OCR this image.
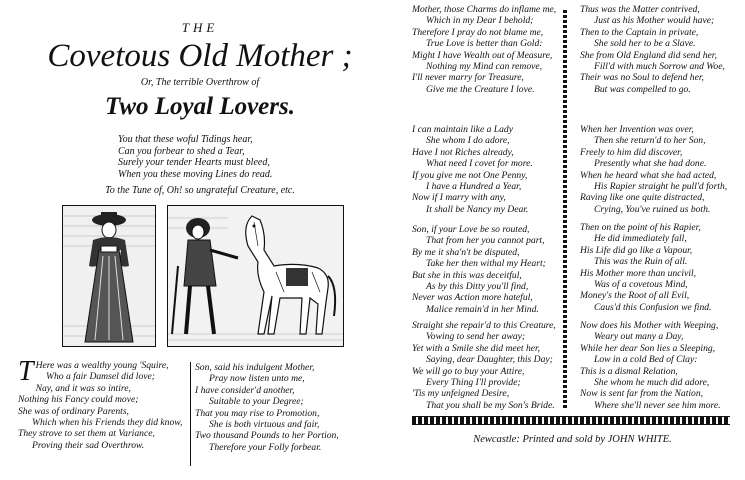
THE
Covetous Old Mother ;
Or, The terrible Overthrow of
Two Loyal Lovers.
You that these woful Tidings hear,
Can you forbear to shed a Tear,
Surely your tender Hearts must bleed,
When you these moving Lines do read.
To the Tune of, Oh! so ungrateful Creature, etc.
T Here was a wealthy young 'Squire,
Who a fair Damsel did love;
Nay, and it was so intire,
Nothing his Fancy could move;
She was of ordinary Parents,
Which when his Friends they did know,
They strove to set them at Variance,
Proving their sad Overthrow.
Son, said his indulgent Mother,
Pray now listen unto me,
I have consider'd another,
Suitable to your Degree;
That you may rise to Promotion,
She is both virtuous and fair,
Two thousand Pounds to her Portion,
Therefore your Folly forbear.
Mother, those Charms do inflame me,
Which in my Dear I behold;
Therefore I pray do not blame me,
True Love is better than Gold:
Might I have Wealth out of Measure,
Nothing my Mind can remove,
I'll never marry for Treasure,
Give me the Creature I love.
I can maintain like a Lady
She whom I do adore,
Have I not Riches already,
What need I covet for more.
If you give me not One Penny,
I have a Hundred a Year,
Now if I marry with any,
It shall be Nancy my Dear.
Son, if your Love be so routed,
That from her you cannot part,
By me it sha'n't be disputed,
Take her then withal my Heart;
But she in this was deceitful,
As by this Ditty you'll find,
Never was Action more hateful,
Malice remain'd in her Mind.
Straight she repair'd to this Creature,
Vowing to send her away;
Yet with a Smile she did meet her,
Saying, dear Daughter, this Day;
We will go to buy your Attire,
Every Thing I'll provide;
'Tis my unfeigned Desire,
That you shall be my Son's Bride.
Thus was the Matter contrived,
Just as his Mother would have;
Then to the Captain in private,
She sold her to be a Slave.
She from Old England did send her,
Fill'd with much Sorrow and Woe,
Their was no Soul to defend her,
But was compelled to go.
When her Invention was over,
Then she return'd to her Son,
Freely to him did discover,
Presently what she had done.
When he heard what she had acted,
His Rapier straight he pull'd forth,
Raving like one quite distracted,
Crying, You've ruined us both.
Then on the point of his Rapier,
He did immediately fall,
His Life did go like a Vapour,
This was the Ruin of all.
His Mother more than uncivil,
Was of a covetous Mind,
Money's the Root of all Evil,
Caus'd this Confusion we find.
Now does his Mother with Weeping,
Weary out many a Day,
While her dear Son lies a Sleeping,
Low in a cold Bed of Clay:
This is a dismal Relation,
She whom he much did adore,
Now is sent far from the Nation,
Where she'll never see him more.
Newcastle: Printed and sold by JOHN WHITE.
